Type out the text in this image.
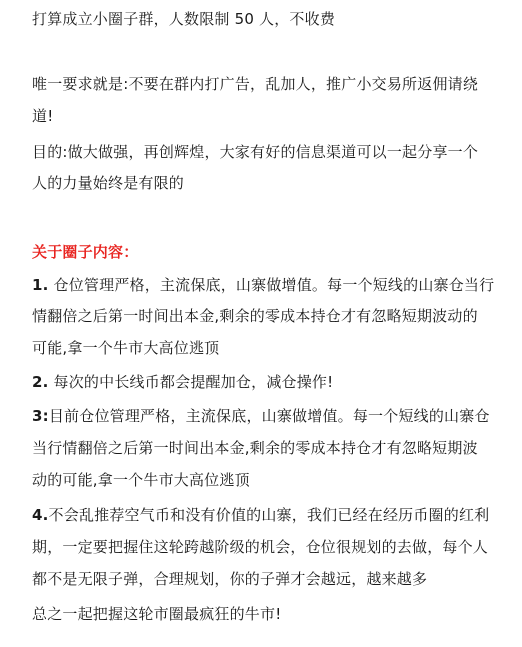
打算成立小圈子群，人数限制 50 人，不收费
唯一要求就是:不要在群内打广告，乱加人，推广小交易所返佣请绕
道!
目的:做大做强，再创辉煌，大家有好的信息渠道可以一起分享一个
人的力量始终是有限的
关于圈子内容：
1. 仓位管理严格，主流保底，山寨做增值。每一个短线的山寨仓当行
情翻倍之后第一时间出本金,剩余的零成本持仓才有忽略短期波动的
可能,拿一个牛市大高位逃顶
2. 每次的中长线币都会提醒加仓，减仓操作!
3:目前仓位管理严格，主流保底，山寨做增值。每一个短线的山寨仓
当行情翻倍之后第一时间出本金,剩余的零成本持仓才有忽略短期波
动的可能,拿一个牛市大高位逃顶
4.不会乱推荐空气币和没有价值的山寨，我们已经在经历币圈的红利
期，一定要把握住这轮跨越阶级的机会，仓位很规划的去做，每个人
都不是无限子弹，合理规划，你的子弹才会越远，越来越多
总之一起把握这轮市圈最疯狂的牛市!
